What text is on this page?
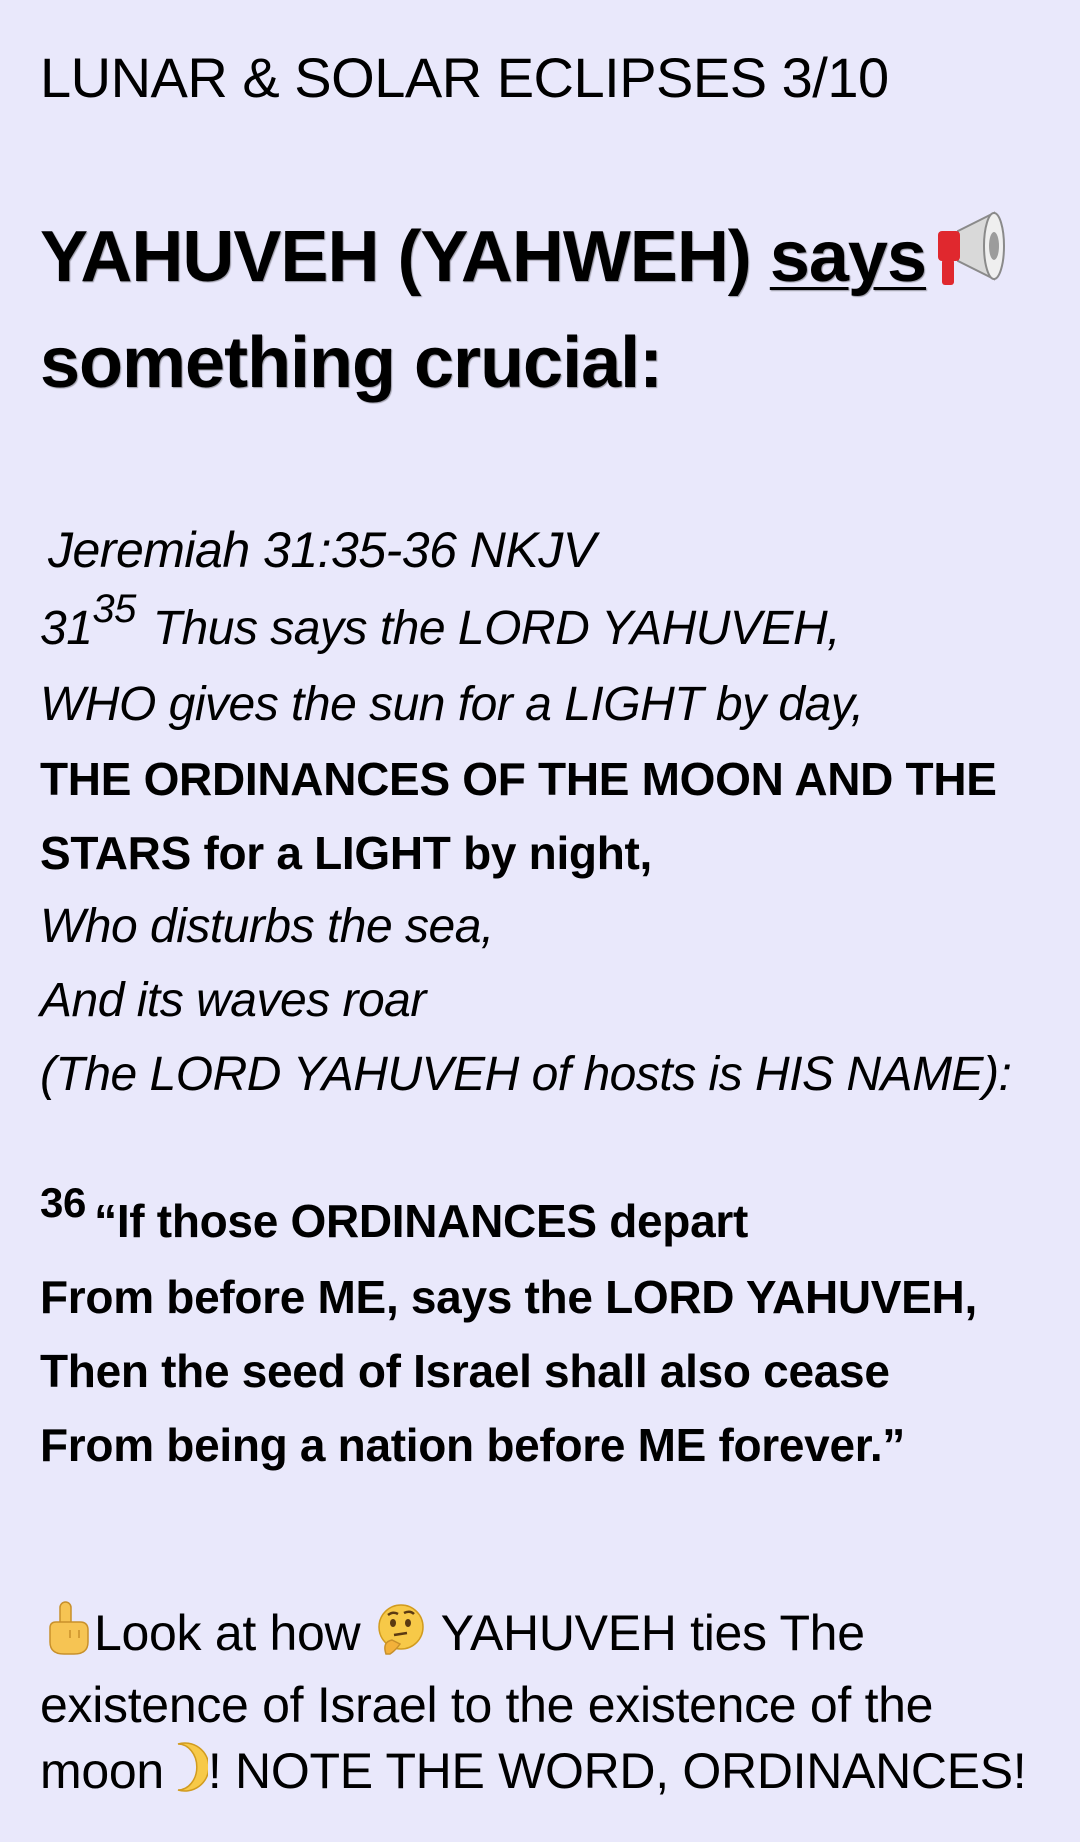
LUNAR & SOLAR ECLIPSES 3/10

YAHUVEH (YAHWEH) says
something crucial:

Jeremiah 31:35-36 NKJV

$31^{35}$ Thus says the LORD YAHUVEH,

WHO gives the sun for a LIGHT by day,

THE ORDINANCES OF THE MOON AND THE

STARS for a LIGHT by night,

Who disturbs the sea,

And its waves roar

(The LORD YAHUVEH of hosts is HIS NAME):

36 “If those ORDINANCES depart

From before ME, says the LORD YAHUVEH,

Then the seed of Israel shall also cease

From being a nation before ME forever.”

Look at how YAHUVEH ties The existence of Israel to the existence of the moon ! NOTE THE WORD, ORDINANCES!
